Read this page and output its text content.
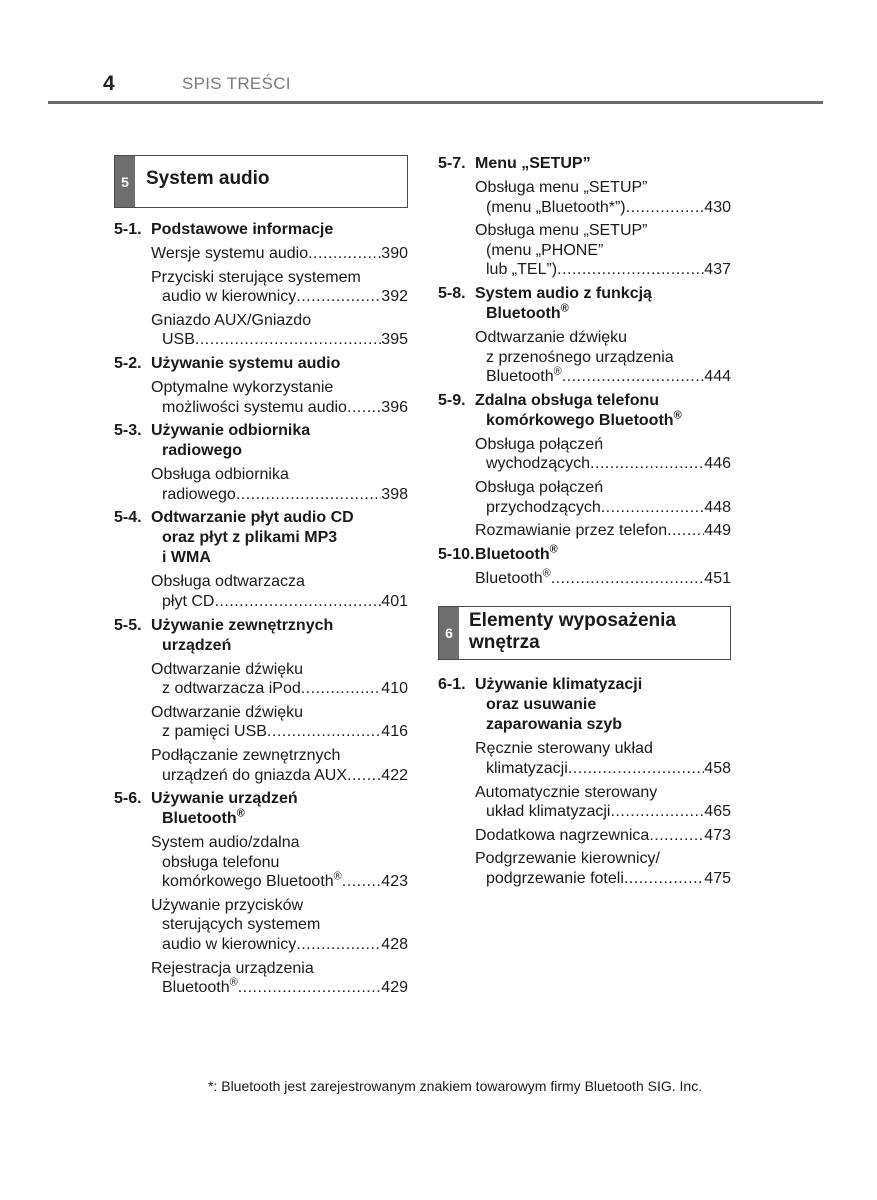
4	SPIS TREŚCI
5 System audio
5-1. Podstawowe informacje
Wersje systemu audio .....	390
Przyciski sterujące systemem
audio w kierownicy .....	392
Gniazdo AUX/Gniazdo
USB .....	395
5-2. Używanie systemu audio
Optymalne wykorzystanie
możliwości systemu audio ..... 396
5-3. Używanie odbiornika
radiowego
Obsługa odbiornika
radiowego .....	398
5-4. Odtwarzanie płyt audio CD
oraz płyt z plikami MP3
i WMA
Obsługa odtwarzacza
płyt CD .....	401
5-5. Używanie zewnętrznych
urządzeń
Odtwarzanie dźwięku
z odtwarzacza iPod .....	410
Odtwarzanie dźwięku
z pamięci USB .....	416
Podłączanie zewnętrznych
urządzeń do gniazda AUX ..... 422
5-6. Używanie urządzeń
Bluetooth®
System audio/zdalna
obsługa telefonu
komórkowego Bluetooth® ..... 423
Używanie przycisków
sterujących systemem
audio w kierownicy .....	428
Rejestracja urządzenia
Bluetooth® .....	429
5-7. Menu „SETUP”
Obsługa menu „SETUP”
(menu „Bluetooth*”) .....	430
Obsługa menu „SETUP”
(menu „PHONE”
lub „TEL”) .....	437
5-8. System audio z funkcją
Bluetooth®
Odtwarzanie dźwięku
z przenośnego urządzenia
Bluetooth® .....	444
5-9. Zdalna obsługa telefonu
komórkowego Bluetooth®
Obsługa połączeń
wychodzących .....	446
Obsługa połączeń
przychodzących .....	448
Rozmawianie przez telefon ..... 449
5-10. Bluetooth®
Bluetooth® .....	451
6
Elementy wyposażenia wnętrza
6-1. Używanie klimatyzacji
oraz usuwanie
zaparowania szyb
Ręcznie sterowany układ
klimatyzacji .....	458
Automatycznie sterowany
układ klimatyzacji .....	465
Dodatkowa nagrzewnica .....	473
Podgrzewanie kierownicy/
podgrzewanie foteli .....	475
*: Bluetooth jest zarejestrowanym znakiem towarowym firmy Bluetooth SIG. Inc.
